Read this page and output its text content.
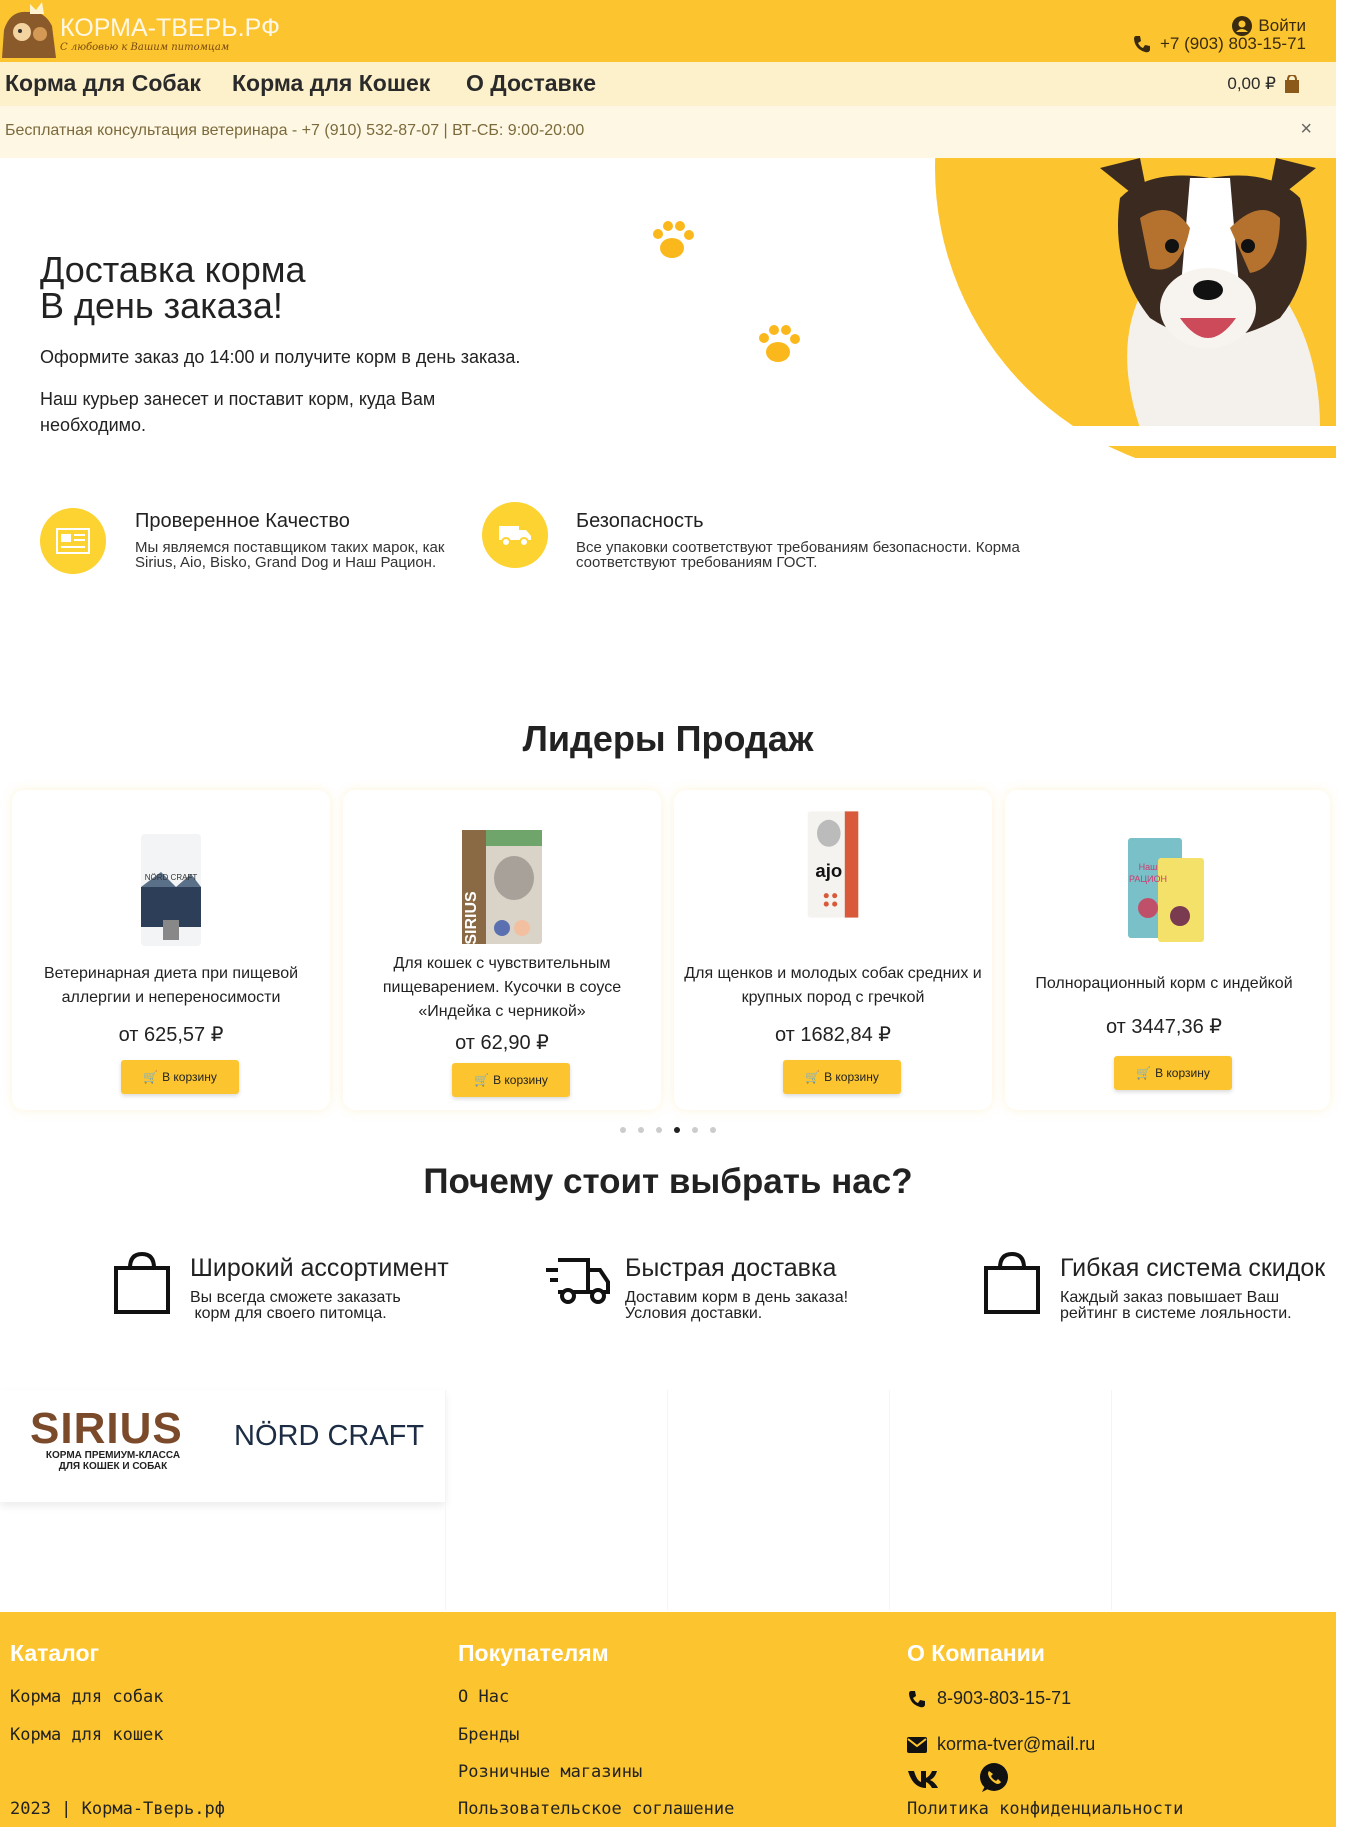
КОРМА-ТВЕРЬ.РФ
С любовью к Вашим питомцам
Войти
+7 (903) 803-15-71
Корма для Собак Корма для Кошек О Доставке	0,00 ₽
Бесплатная консультация ветеринара - +7 (910) 532-87-07 | ВТ-СБ: 9:00-20:00	×
Доставка корма
В день заказа!
Оформите заказ до 14:00 и получите корм в день заказа.
Наш курьер занесет и поставит корм, куда Вам необходимо.
Проверенное Качество
Мы являемся поставщиком таких марок, как Sirius, Aio, Bisko, Grand Dog и Наш Рацион.
Безопасность
Все упаковки соответствуют требованиям безопасности. Корма соответствуют требованиям ГОСТ.
Лидеры Продаж
NÖRD CRAFT
Ветеринарная диета при пищевой аллергии и непереносимости
от 625,57 ₽
🛒 В корзину
SIRIUS
Для кошек с чувствительным пищеварением. Кусочки в соусе «Индейка с черникой»
от 62,90 ₽
🛒 В корзину
ajo
Для щенков и молодых собак средних и крупных пород с гречкой
от 1682,84 ₽
🛒 В корзину
Наш
РАЦИОН
Полнорационный корм с индейкой
от 3447,36 ₽
🛒 В корзину
Почему стоит выбрать нас?
Широкий ассортимент
Вы всегда сможете заказать
корм для своего питомца.
Быстрая доставка
Доставим корм в день заказа!
Условия доставки.
Гибкая система скидок
Каждый заказ повышает Ваш
рейтинг в системе лояльности.
SIRIUS
КОРМА ПРЕМИУМ-КЛАССА
ДЛЯ КОШЕК И СОБАК
NÖRD CRAFT
Каталог
Корма для собак
Корма для кошек
2023 | Корма-Тверь.рф
Покупателям
О Нас
Бренды
Розничные магазины
Пользовательское соглашение
О Компании
8-903-803-15-71
korma-tver@mail.ru
Политика конфиденциальности
